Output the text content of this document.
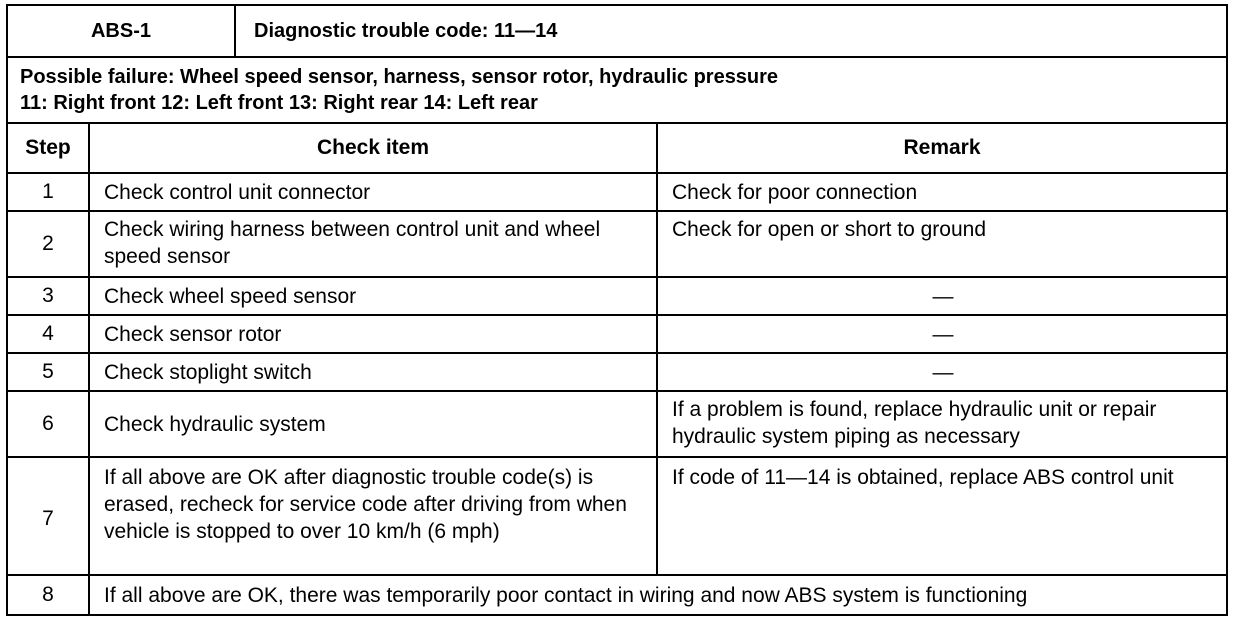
ABS-1	Diagnostic trouble code: 11—14
Possible failure: Wheel speed sensor, harness, sensor rotor, hydraulic pressure
11: Right front 12: Left front 13: Right rear 14: Left rear
Step	Check item	Remark
1	Check control unit connector	Check for poor connection
2	Check wiring harness between control unit and wheel speed sensor	Check for open or short to ground
3	Check wheel speed sensor	—
4	Check sensor rotor	—
5	Check stoplight switch	—
6	Check hydraulic system	If a problem is found, replace hydraulic unit or repair hydraulic system piping as necessary
7	If all above are OK after diagnostic trouble code(s) is erased, recheck for service code after driving from when vehicle is stopped to over 10 km/h (6 mph)	If code of 11—14 is obtained, replace ABS control unit
8	If all above are OK, there was temporarily poor contact in wiring and now ABS system is functioning	
